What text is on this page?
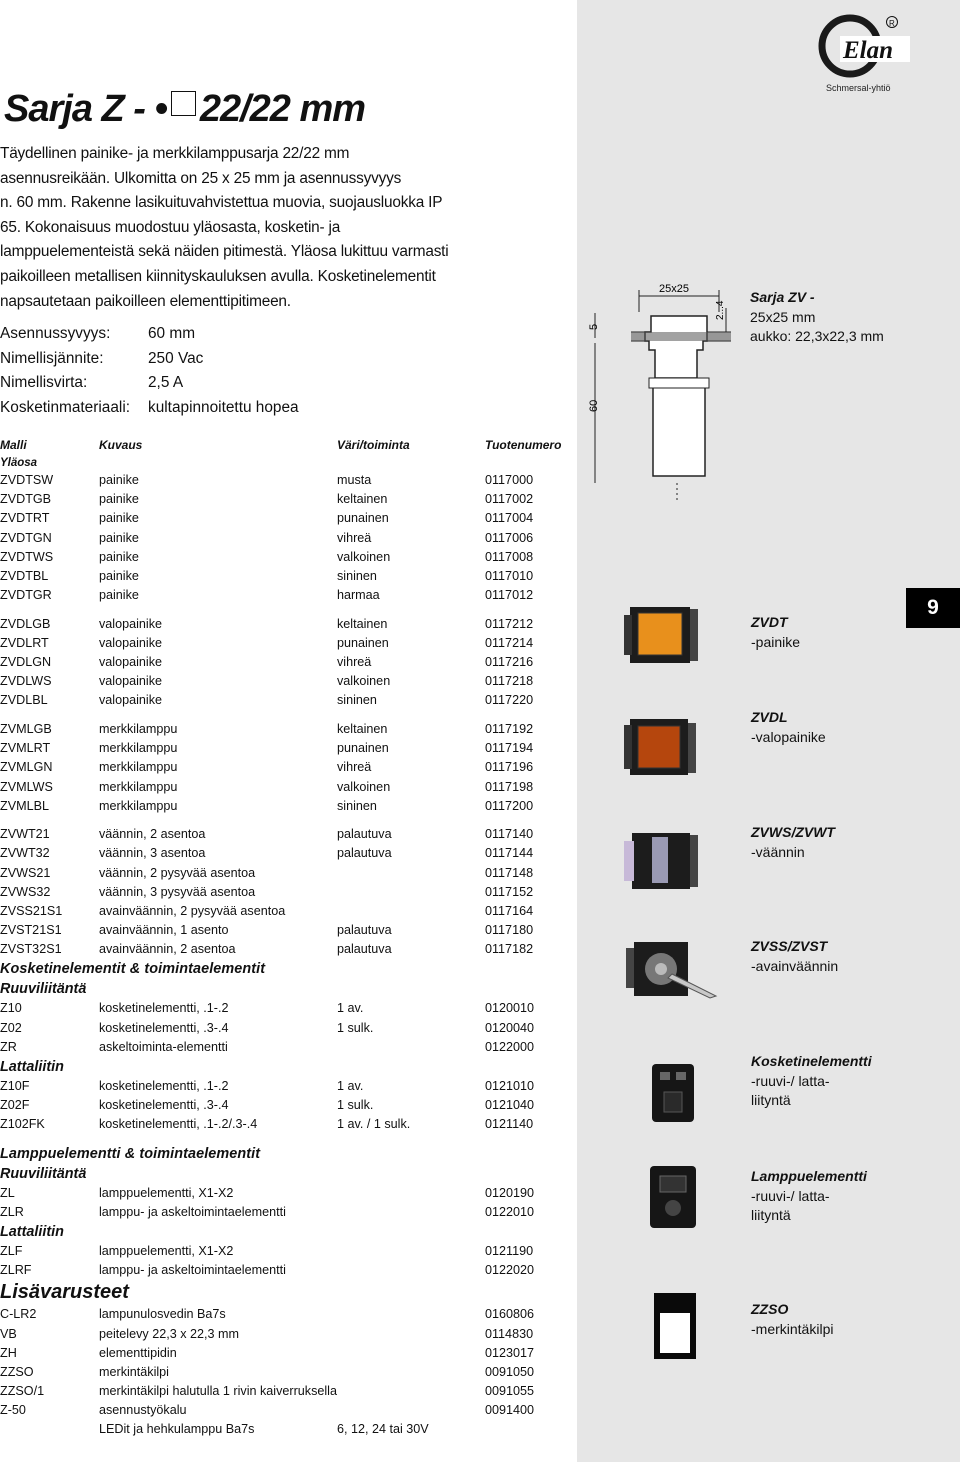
Elan
R
Schmersal-yhtiö
9
Sarja Z - • 22/22 mm
Täydellinen painike- ja merkkilamppusarja 22/22 mm
asennusreikään. Ulkomitta on 25 x 25 mm ja asennussyvyys
n. 60 mm. Rakenne lasikuituvahvistettua muovia, suojausluokka IP
65. Kokonaisuus muodostuu yläosasta, kosketin- ja
lamppuelementeistä sekä näiden pitimestä. Yläosa lukittuu varmasti
paikoilleen metallisen kiinnityskauluksen avulla. Kosketinelementit
napsautetaan paikoilleen elementtipitimeen.
Asennussyvyys:	60 mm
Nimellisjännite:	250 Vac
Nimellisvirta:	2,5 A
Kosketinmateriaali:	kultapinnoitettu hopea
25x25
2...4
5
60
Sarja ZV -
25x25 mm
aukko: 22,3x22,3 mm
Malli	Kuvaus	Väri/toiminta	Tuotenumero
Yläosa			
ZVDTSW	painike	musta	0117000
ZVDTGB	painike	keltainen	0117002
ZVDTRT	painike	punainen	0117004
ZVDTGN	painike	vihreä	0117006
ZVDTWS	painike	valkoinen	0117008
ZVDTBL	painike	sininen	0117010
ZVDTGR	painike	harmaa	0117012

ZVDLGB	valopainike	keltainen	0117212
ZVDLRT	valopainike	punainen	0117214
ZVDLGN	valopainike	vihreä	0117216
ZVDLWS	valopainike	valkoinen	0117218
ZVDLBL	valopainike	sininen	0117220

ZVMLGB	merkkilamppu	keltainen	0117192
ZVMLRT	merkkilamppu	punainen	0117194
ZVMLGN	merkkilamppu	vihreä	0117196
ZVMLWS	merkkilamppu	valkoinen	0117198
ZVMLBL	merkkilamppu	sininen	0117200

ZVWT21	väännin, 2 asentoa	palautuva	0117140
ZVWT32	väännin, 3 asentoa	palautuva	0117144
ZVWS21	väännin, 2 pysyvää asentoa		0117148
ZVWS32	väännin, 3 pysyvää asentoa		0117152
ZVSS21S1	avainväännin, 2 pysyvää asentoa		0117164
ZVST21S1	avainväännin, 1 asento	palautuva	0117180
ZVST32S1	avainväännin, 2 asentoa	palautuva	0117182
Kosketinelementit & toimintaelementit			
Ruuviliitäntä			
Z10	kosketinelementti, .1-.2	1 av.	0120010
Z02	kosketinelementti, .3-.4	1 sulk.	0120040
ZR	askeltoiminta-elementti		0122000
Lattaliitin			
Z10F	kosketinelementti, .1-.2	1 av.	0121010
Z02F	kosketinelementti, .3-.4	1 sulk.	0121040
Z102FK	kosketinelementti, .1-.2/.3-.4	1 av. / 1 sulk.	0121140

Lamppuelementti & toimintaelementit			
Ruuviliitäntä			
ZL	lamppuelementti, X1-X2		0120190
ZLR	lamppu- ja askeltoimintaelementti		0122010
Lattaliitin			
ZLF	lamppuelementti, X1-X2		0121190
ZLRF	lamppu- ja askeltoimintaelementti		0122020
Lisävarusteet			
C-LR2	lampunulosvedin Ba7s		0160806
VB	peitelevy 22,3 x 22,3 mm		0114830
ZH	elementtipidin		0123017
ZZSO	merkintäkilpi		0091050
ZZSO/1	merkintäkilpi halutulla 1 rivin kaiverruksella		0091055
Z-50	asennustyökalu		0091400
	LEDit ja hehkulamppu Ba7s	6, 12, 24 tai 30V	
ZVDT
-painike
ZVDL
-valopainike
ZVWS/ZVWT
-väännin
ZVSS/ZVST
-avainväännin
Kosketinelementti
-ruuvi-/ latta-
liityntä
Lamppuelementti
-ruuvi-/ latta-
liityntä
ZZSO
-merkintäkilpi
